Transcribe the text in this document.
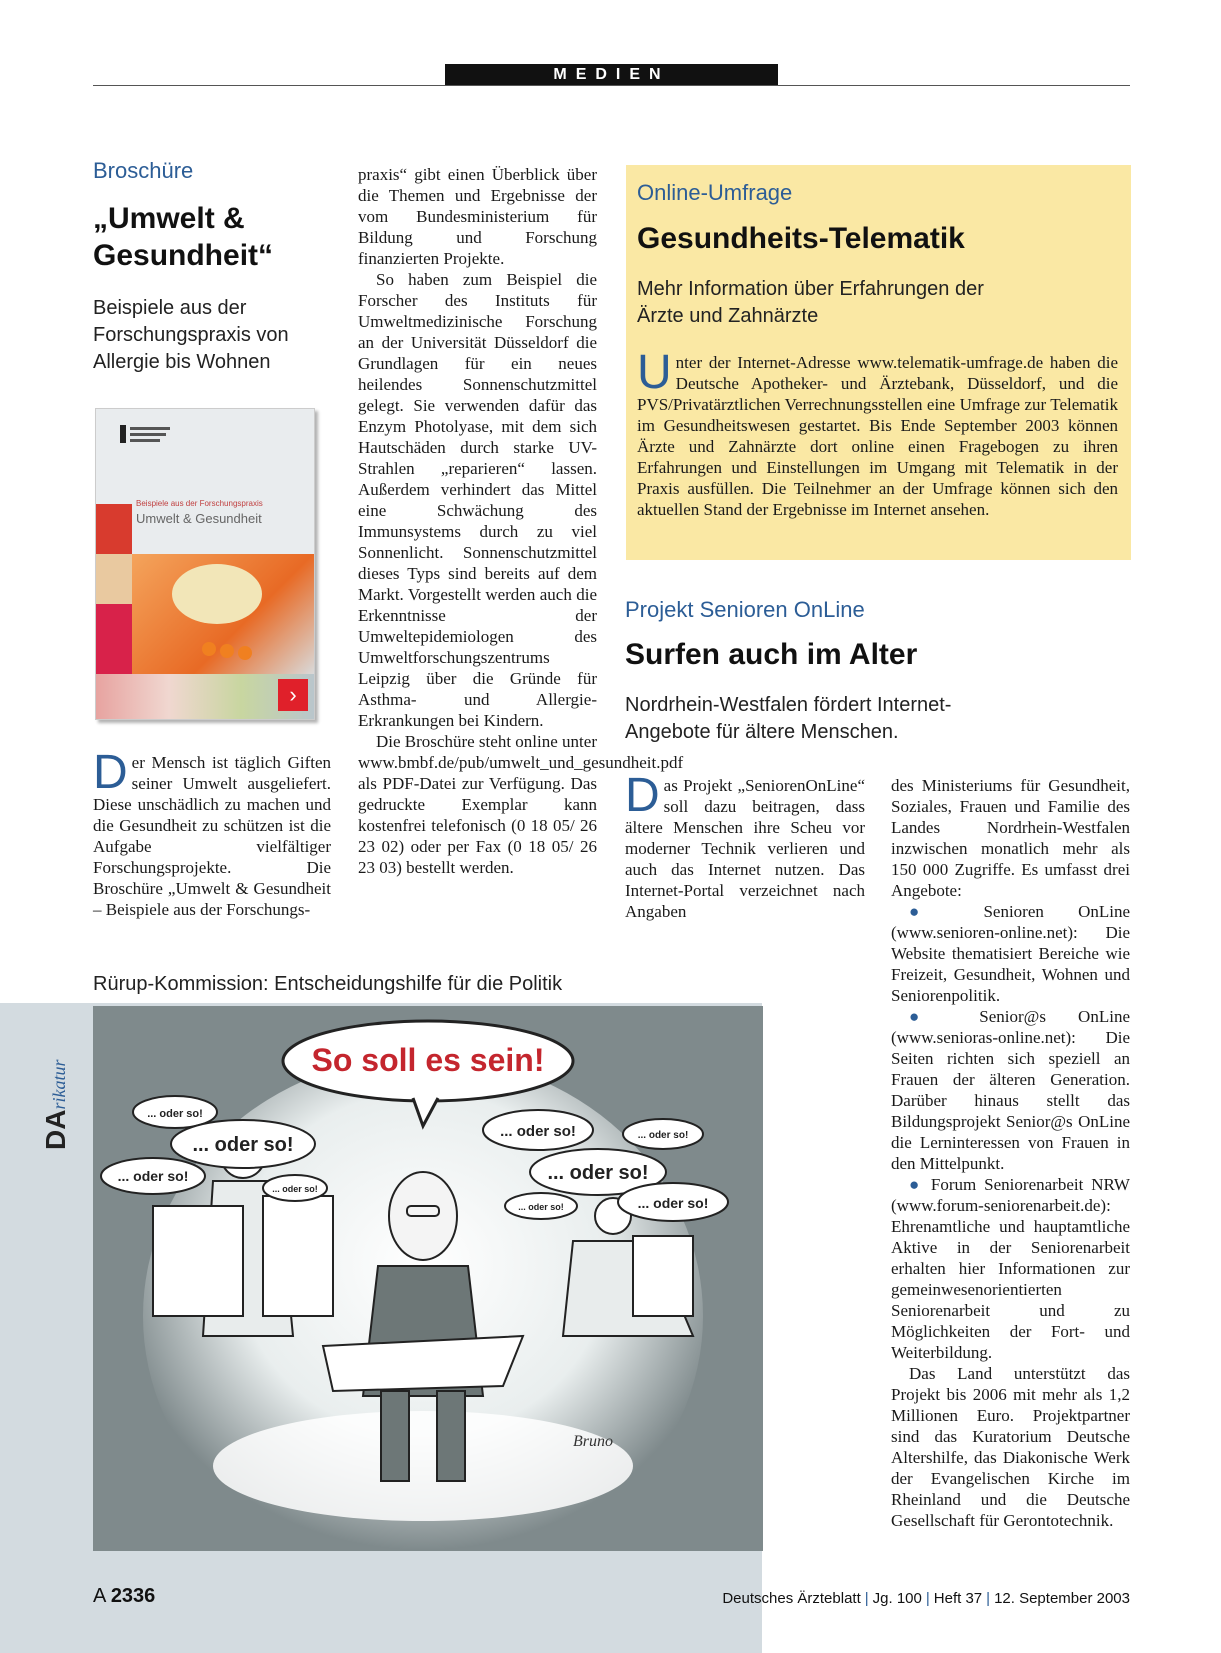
MEDIEN
Broschüre
„Umwelt & Gesundheit“
Beispiele aus der Forschungspraxis von Allergie bis Wohnen
Beispiele aus der Forschungspraxis
Umwelt & Gesundheit
›

Der Mensch ist täglich Giften seiner Umwelt ausgeliefert. Diese unschädlich zu machen und die Gesundheit zu schützen ist die Aufgabe vielfältiger Forschungsprojekte. Die Broschüre „Umwelt & Gesundheit – Beispiele aus der Forschungs-

praxis“ gibt einen Überblick über die Themen und Ergebnisse der vom Bundesministerium für Bildung und Forschung finanzierten Projekte.

So haben zum Beispiel die Forscher des Instituts für Umweltmedizinische Forschung an der Universität Düsseldorf die Grundlagen für ein neues heilendes Sonnenschutzmittel gelegt. Sie verwenden dafür das Enzym Photolyase, mit dem sich Hautschäden durch starke UV-Strahlen „reparieren“ lassen. Außerdem verhindert das Mittel eine Schwächung des Immunsystems durch zu viel Sonnenlicht. Sonnenschutzmittel dieses Typs sind bereits auf dem Markt. Vorgestellt werden auch die Erkenntnisse der Umweltepidemiologen des Umweltforschungszentrums Leipzig über die Gründe für Asthma- und Allergie-Erkrankungen bei Kindern.

Die Broschüre steht online unter www.bmbf.de/pub/umwelt_und_gesundheit.pdf als PDF-Datei zur Verfügung. Das gedruckte Exemplar kann kostenfrei telefonisch (0 18 05/ 26 23 02) oder per Fax (0 18 05/ 26 23 03) bestellt werden.

Online-Umfrage
Gesundheits-Telematik
Mehr Information über Erfahrungen der Ärzte und Zahnärzte

Unter der Internet-Adresse www.telematik-umfrage.de haben die Deutsche Apotheker- und Ärztebank, Düsseldorf, und die PVS/Privatärztlichen Verrechnungsstellen eine Umfrage zur Telematik im Gesundheitswesen gestartet. Bis Ende September 2003 können Ärzte und Zahnärzte dort online einen Fragebogen zu ihren Erfahrungen und Einstellungen im Umgang mit Telematik in der Praxis ausfüllen. Die Teilnehmer an der Umfrage können sich den aktuellen Stand der Ergebnisse im Internet ansehen.

Projekt Senioren OnLine
Surfen auch im Alter
Nordrhein-Westfalen fördert Internet-Angebote für ältere Menschen.

Das Projekt „SeniorenOnLine“ soll dazu beitragen, dass ältere Menschen ihre Scheu vor moderner Technik verlieren und auch das Internet nutzen. Das Internet-Portal verzeichnet nach Angaben

des Ministeriums für Gesundheit, Soziales, Frauen und Familie des Landes Nordrhein-Westfalen inzwischen monatlich mehr als 150 000 Zugriffe. Es umfasst drei Angebote:

● Senioren OnLine (www.senioren-online.net): Die Website thematisiert Bereiche wie Freizeit, Gesundheit, Wohnen und Seniorenpolitik.

● Senior@s OnLine (www.senioras-online.net): Die Seiten richten sich speziell an Frauen der älteren Generation. Darüber hinaus stellt das Bildungsprojekt Senior@s OnLine die Lerninteressen von Frauen in den Mittelpunkt.

● Forum Seniorenarbeit NRW (www.forum-seniorenarbeit.de): Ehrenamtliche und hauptamtliche Aktive in der Seniorenarbeit erhalten hier Informationen zur gemeinwesenorientierten Seniorenarbeit und zu Möglichkeiten der Fort- und Weiterbildung.

Das Land unterstützt das Projekt bis 2006 mit mehr als 1,2 Millionen Euro. Projektpartner sind das Kuratorium Deutsche Altershilfe, das Diakonische Werk der Evangelischen Kirche im Rheinland und die Deutsche Gesellschaft für Gerontotechnik.

Rürup-Kommission: Entscheidungshilfe für die Politik
DArikatur	So soll es sein!
... oder so!
... oder so!
... oder so!
... oder so!
... oder so!	... oder so!
... oder so!
... oder so!	... oder so!
Bruno
A 2336	Deutsches Ärzteblatt | Jg. 100 | Heft 37 | 12. September 2003
